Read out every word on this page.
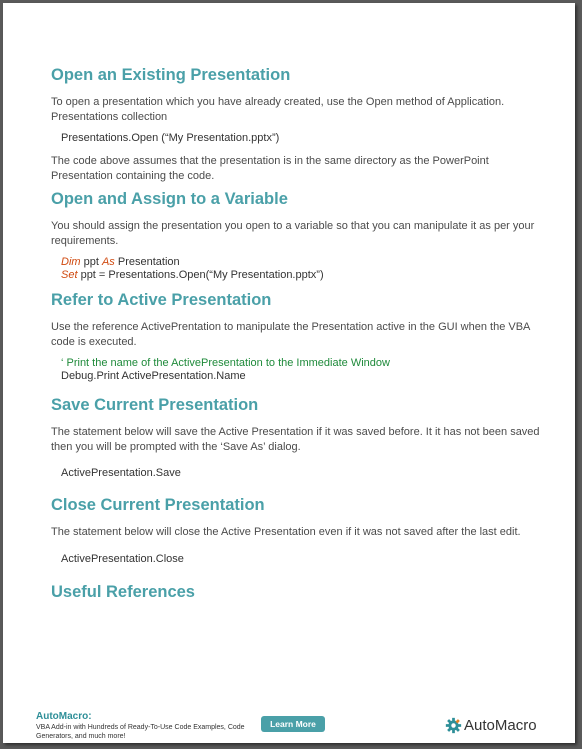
Open an Existing Presentation

To open a presentation which you have already created, use the Open method of Application. Presentations collection

Presentations.Open (“My Presentation.pptx”)

The code above assumes that the presentation is in the same directory as the PowerPoint Presentation containing the code.

Open and Assign to a Variable

You should assign the presentation you open to a variable so that you can manipulate it as per your requirements.

Dim ppt As Presentation
Set ppt = Presentations.Open(“My Presentation.pptx”)
Refer to Active Presentation

Use the reference ActivePrentation to manipulate the Presentation active in the GUI when the VBA code is executed.

‘ Print the name of the ActivePresentation to the Immediate Window
Debug.Print ActivePresentation.Name
Save Current Presentation

The statement below will save the Active Presentation if it was saved before. It it has not been saved then you will be prompted with the ‘Save As’ dialog.

ActivePresentation.Save

Close Current Presentation

The statement below will close the Active Presentation even if it was not saved after the last edit.

ActivePresentation.Close

Useful References
AutoMacro:
VBA Add-in with Hundreds of Ready-To-Use Code Examples, Code Generators, and much more!
Learn More	AutoMacro
